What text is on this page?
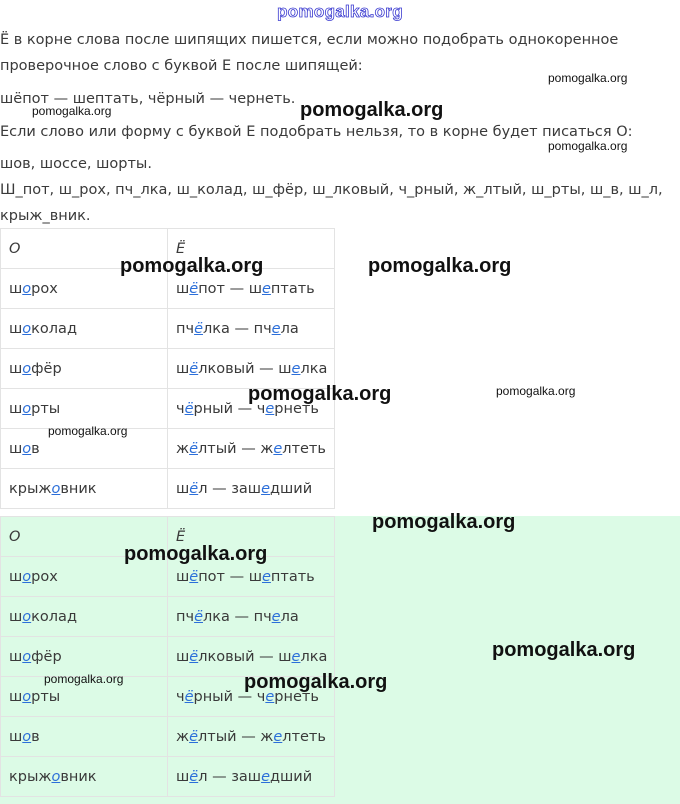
pomogalka.org
Ё в корне слова после шипящих пишется, если можно подобрать однокоренное
проверочное слово с буквой Е после шипящей:
шёпот — шептать, чёрный — чернеть.
Если слово или форму с буквой Е подобрать нельзя, то в корне будет писаться О:
шов, шоссе, шорты.
Ш_пот, ш_рох, пч_лка, ш_колад, ш_фёр, ш_лковый, ч_рный, ж_лтый, ш_рты, ш_в, ш_л,
крыж_вник.
О	Ё
шорох	шёпот — шептать
шоколад	пчёлка — пчела
шофёр	шёлковый — шелка
шорты	чёрный — чернеть
шов	жёлтый — желтеть
крыжовник	шёл — зашедший
О	Ё
шорох	шёпот — шептать
шоколад	пчёлка — пчела
шофёр	шёлковый — шелка
шорты	чёрный — чернеть
шов	жёлтый — желтеть
крыжовник	шёл — зашедший
pomogalka.org
pomogalka.org	pomogalka.org
pomogalka.org
pomogalka.org	pomogalka.org
pomogalka.org	pomogalka.org
pomogalka.org
pomogalka.org
pomogalka.org
pomogalka.org
pomogalka.org	pomogalka.org
